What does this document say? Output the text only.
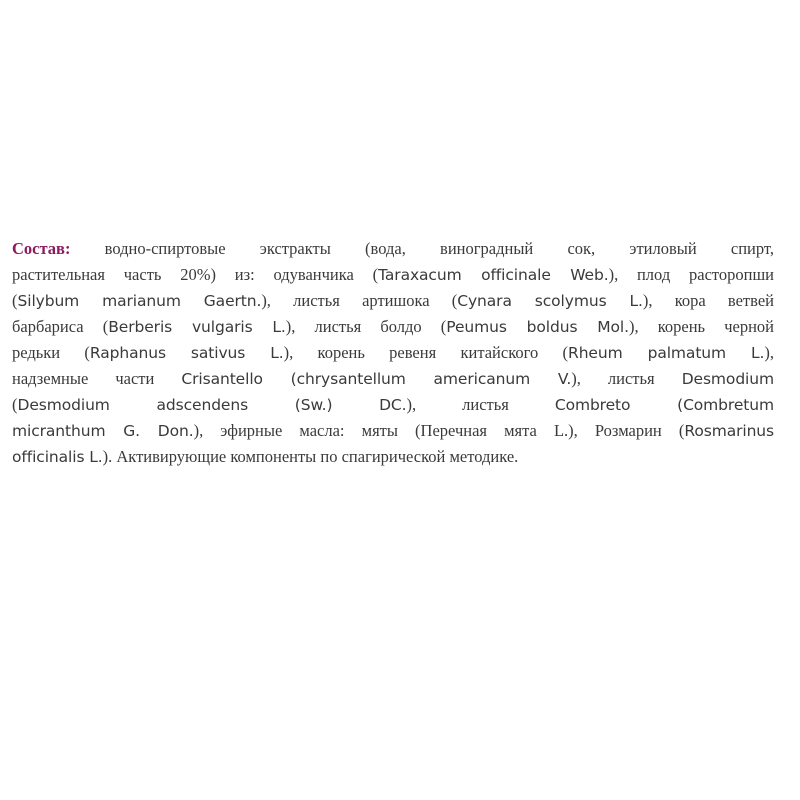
Состав: водно-спиртовые экстракты (вода, виноградный сок, этиловый спирт,
растительная часть 20%) из: одуванчика (Taraxacum officinale Web.), плод расторопши
(Silybum marianum Gaertn.), листья артишока (Cynara scolymus L.), кора ветвей
барбариса (Berberis vulgaris L.), листья болдо (Peumus boldus Mol.), корень черной
редьки (Raphanus sativus L.), корень ревеня китайского (Rheum palmatum L.),
надземные части Crisantello (chrysantellum americanum V.), листья Desmodium
(Desmodium adscendens (Sw.) DC.), листья Combreto (Combretum
micranthum G. Don.), эфирные масла: мяты (Перечная мята L.), Розмарин (Rosmarinus
officinalis L.). Активирующие компоненты по спагирической методике.
